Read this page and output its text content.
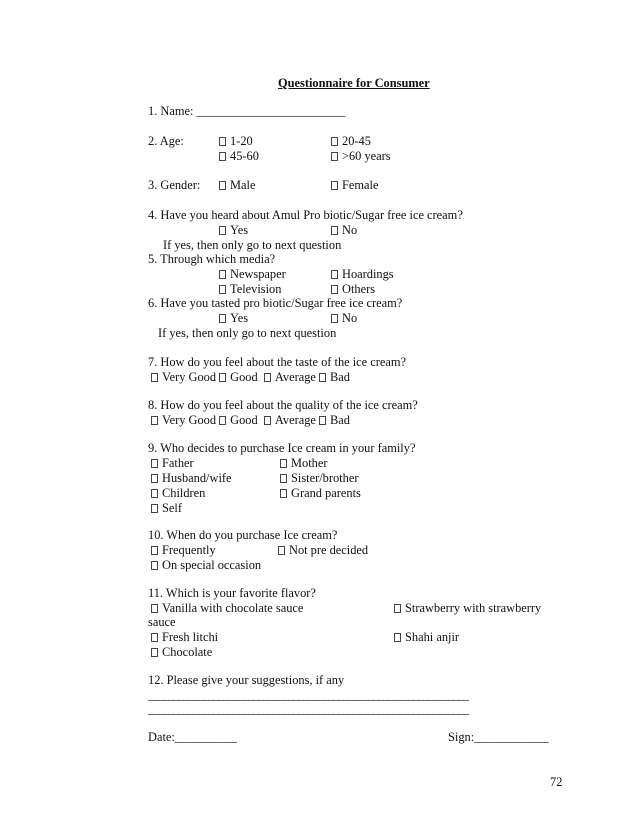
Questionnaire for Consumer
1. Name: ________________________
2. Age:	1-20	20-45
45-60	>60 years
3. Gender:	Male	Female
4. Have you heard about Amul Pro biotic/Sugar free ice cream?
Yes	No
If yes, then only go to next question
5. Through which media?
Newspaper	Hoardings
Television	Others
6. Have you tasted pro biotic/Sugar free ice cream?
Yes	No
If yes, then only go to next question
7. How do you feel about the taste of the ice cream?
Very Good Good Average Bad
8. How do you feel about the quality of the ice cream?
Very Good Good Average Bad
9. Who decides to purchase Ice cream in your family?
Father	Mother
Husband/wife	Sister/brother
Children	Grand parents
Self
10. When do you purchase Ice cream?
Frequently	Not pre decided
On special occasion
11. Which is your favorite flavor?
Vanilla with chocolate sauce	Strawberry with strawberry
sauce
Fresh litchi	Shahi anjir
Chocolate
12. Please give your suggestions, if any
________________________________________________________________
________________________________________________________________
Date:__________	Sign:____________
72
